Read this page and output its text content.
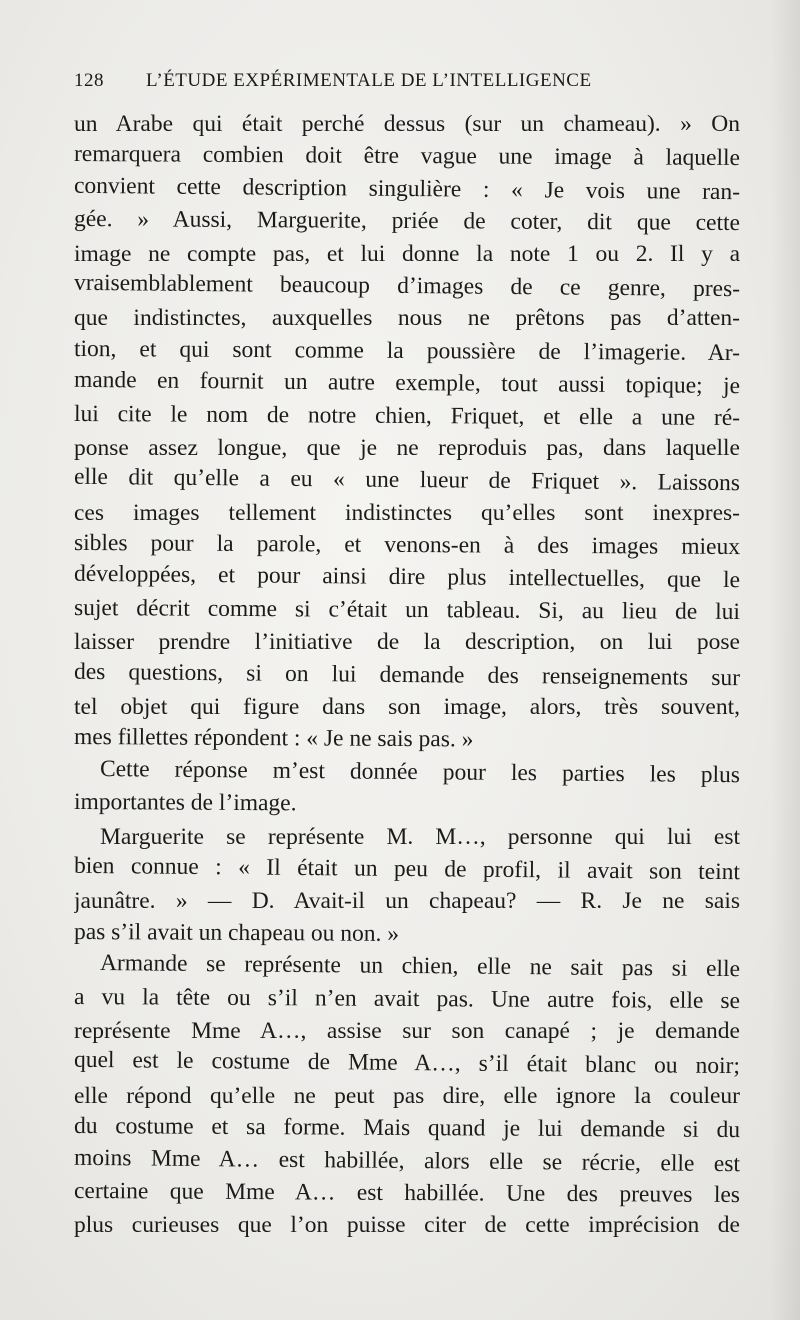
128 L’ÉTUDE EXPÉRIMENTALE DE L’INTELLIGENCE
un Arabe qui était perché dessus (sur un chameau). » On
remarquera combien doit être vague une image à laquelle
convient cette description singulière : « Je vois une ran-
gée. » Aussi, Marguerite, priée de coter, dit que cette
image ne compte pas, et lui donne la note 1 ou 2. Il y a
vraisemblablement beaucoup d’images de ce genre, pres-
que indistinctes, auxquelles nous ne prêtons pas d’atten-
tion, et qui sont comme la poussière de l’imagerie. Ar-
mande en fournit un autre exemple, tout aussi topique; je
lui cite le nom de notre chien, Friquet, et elle a une ré-
ponse assez longue, que je ne reproduis pas, dans laquelle
elle dit qu’elle a eu « une lueur de Friquet ». Laissons
ces images tellement indistinctes qu’elles sont inexpres-
sibles pour la parole, et venons-en à des images mieux
développées, et pour ainsi dire plus intellectuelles, que le
sujet décrit comme si c’était un tableau. Si, au lieu de lui
laisser prendre l’initiative de la description, on lui pose
des questions, si on lui demande des renseignements sur
tel objet qui figure dans son image, alors, très souvent,
mes fillettes répondent : « Je ne sais pas. »
Cette réponse m’est donnée pour les parties les plus
importantes de l’image.
Marguerite se représente M. M…, personne qui lui est
bien connue : « Il était un peu de profil, il avait son teint
jaunâtre. » — D. Avait-il un chapeau? — R. Je ne sais
pas s’il avait un chapeau ou non. »
Armande se représente un chien, elle ne sait pas si elle
a vu la tête ou s’il n’en avait pas. Une autre fois, elle se
représente Mme A…, assise sur son canapé ; je demande
quel est le costume de Mme A…, s’il était blanc ou noir;
elle répond qu’elle ne peut pas dire, elle ignore la couleur
du costume et sa forme. Mais quand je lui demande si du
moins Mme A… est habillée, alors elle se récrie, elle est
certaine que Mme A… est habillée. Une des preuves les
plus curieuses que l’on puisse citer de cette imprécision de
